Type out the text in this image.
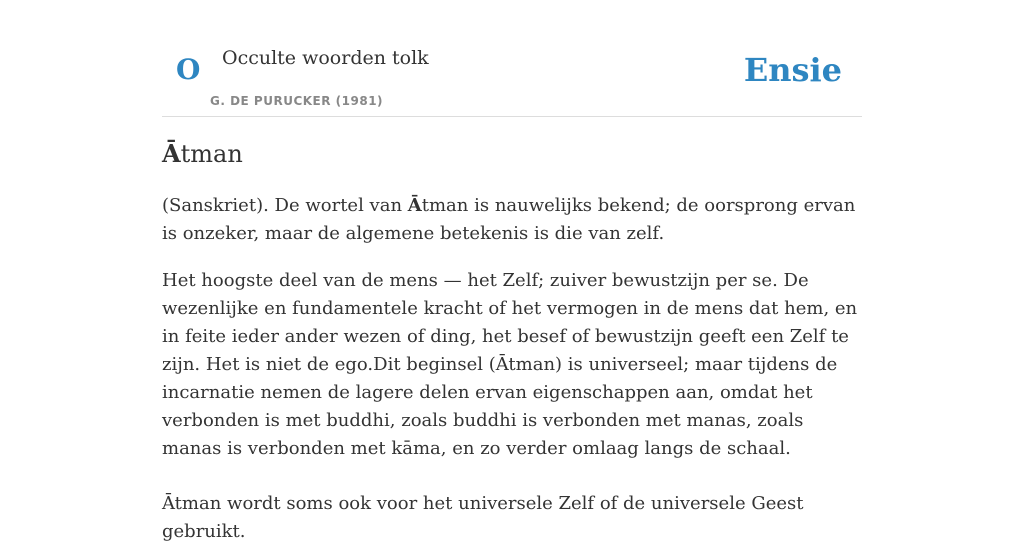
O Occulte woorden tolk
G. DE PURUCKER (1981)
Ensie
Ātman

(Sanskriet). De wortel van Ātman is nauwelijks bekend; de oorsprong ervan is onzeker, maar de algemene betekenis is die van zelf.

Het hoogste deel van de mens — het Zelf; zuiver bewustzijn per se. De wezenlijke en fundamentele kracht of het vermogen in de mens dat hem, en in feite ieder ander wezen of ding, het besef of bewustzijn geeft een Zelf te zijn. Het is niet de ego.Dit beginsel (Ātman) is universeel; maar tijdens de incarnatie nemen de lagere delen ervan eigenschappen aan, omdat het verbonden is met buddhi, zoals buddhi is verbonden met manas, zoals manas is verbonden met kāma, en zo verder omlaag langs de schaal.

Ātman wordt soms ook voor het universele Zelf of de universele Geest gebruikt.
